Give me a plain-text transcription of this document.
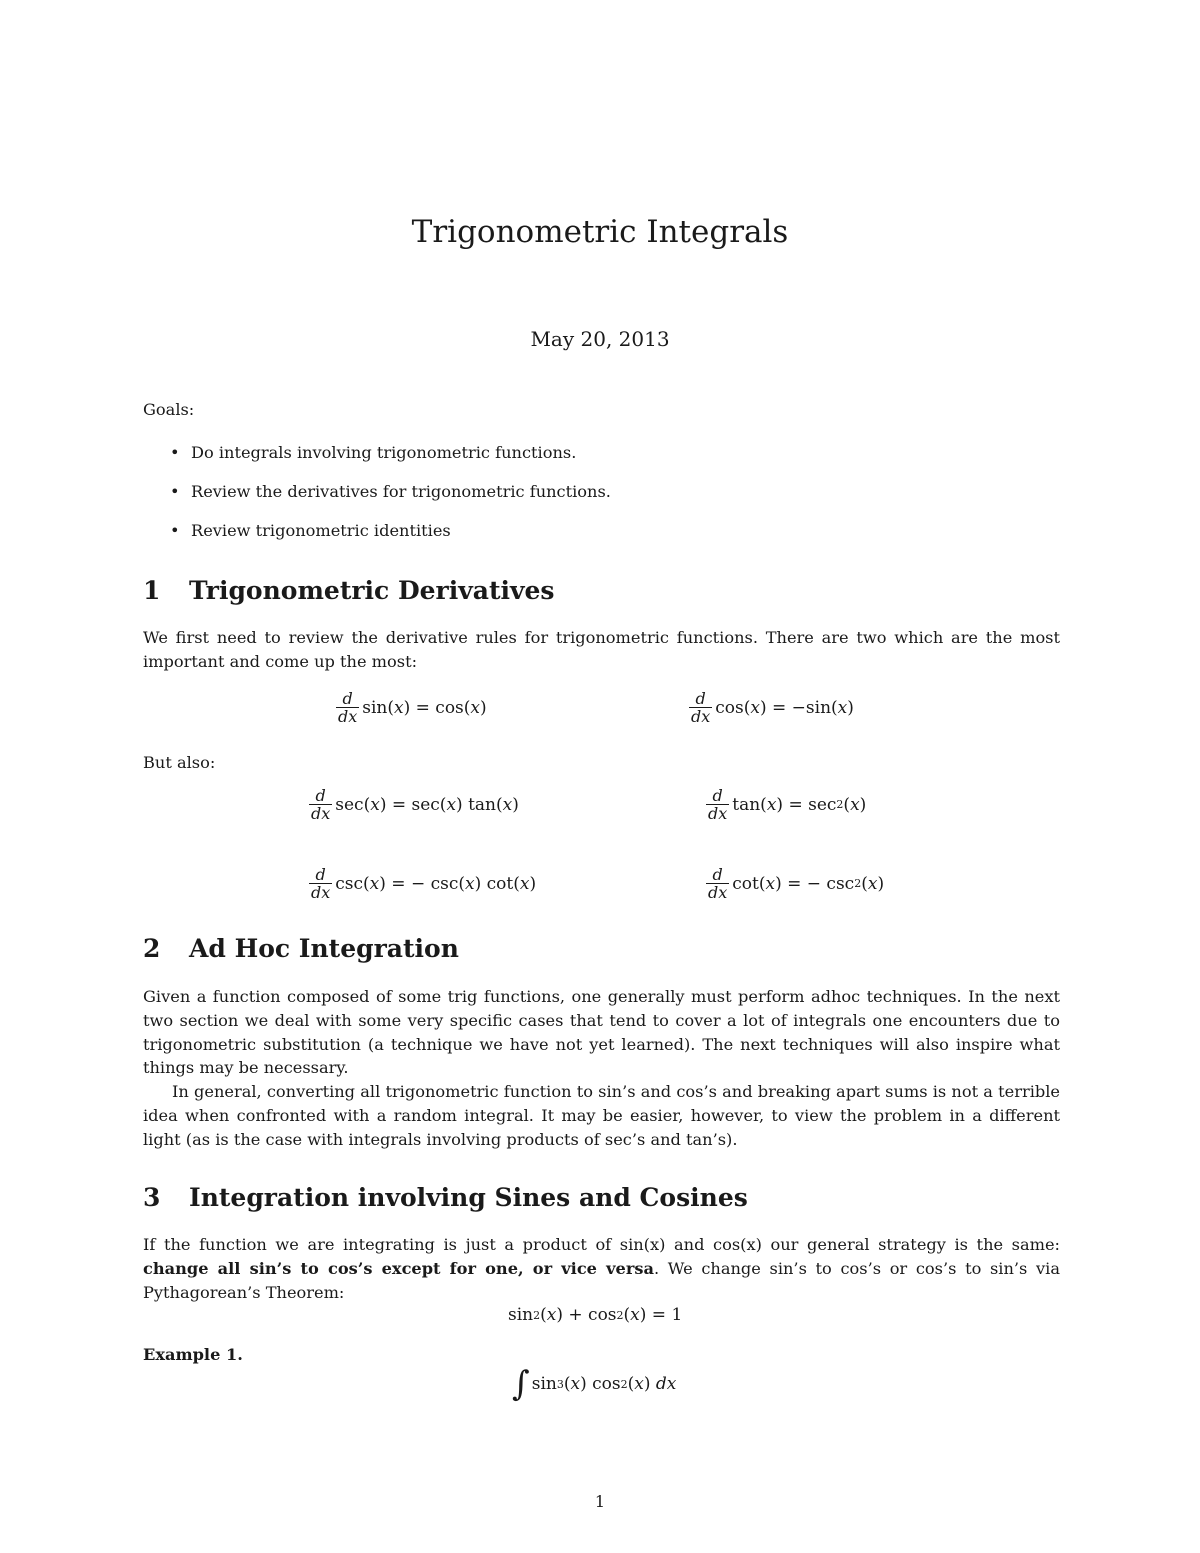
Trigonometric Integrals
May 20, 2013
Goals:
• Do integrals involving trigonometric functions.
• Review the derivatives for trigonometric functions.
• Review trigonometric identities
1 Trigonometric Derivatives
We first need to review the derivative rules for trigonometric functions. There are two which are the most important and come up the most:
$\frac{d}{dx} \sin(x) = \cos(x)$	$\frac{d}{dx} \cos(x) = -\sin(x)$
But also:
$\frac{d}{dx} \sec(x) = \sec(x)$ tan(x)	$\frac{d}{dx} \tan(x) = \sec 2$ (x)
$\frac{d}{dx} \csc(x)$ = − csc(x) cot(x)	$\frac{d}{dx} \cot(x)$ = − csc 2 (x)
2 Ad Hoc Integration
Given a function composed of some trig functions, one generally must perform adhoc techniques. In the next two section we deal with some very specific cases that tend to cover a lot of integrals one encounters due to trigonometric substitution (a technique we have not yet learned). The next techniques will also inspire what things may be necessary.
In general, converting all trigonometric function to sin’s and cos’s and breaking apart sums is not a terrible idea when confronted with a random integral. It may be easier, however, to view the problem in a different light (as is the case with integrals involving products of sec’s and tan’s).
3 Integration involving Sines and Cosines
If the function we are integrating is just a product of sin(x) and cos(x) our general strategy is the same: change all sin’s to cos’s except for one, or vice versa. We change sin’s to cos’s or cos’s to sin’s via Pythagorean’s Theorem:
sin 2 (x) + cos 2 (x) = 1
Example 1.
∫ sin 3 (x) cos 2 (x) dx
1
